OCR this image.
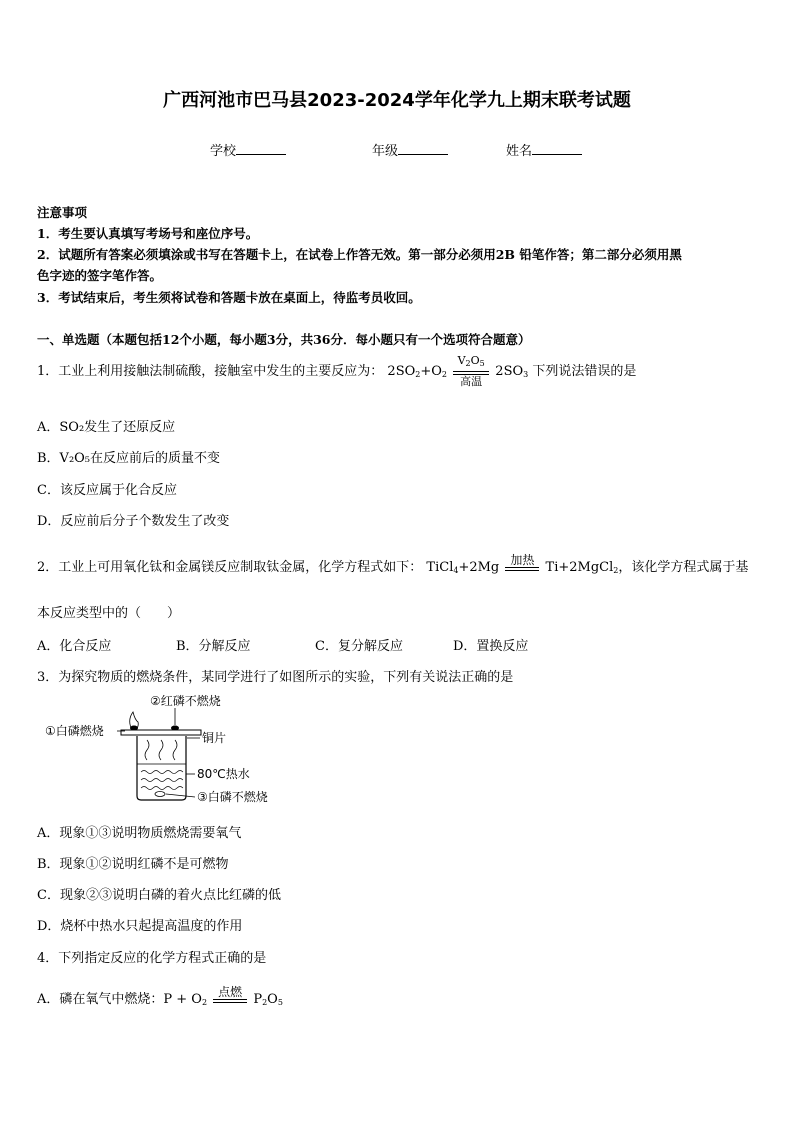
广西河池市巴马县2023-2024学年化学九上期末联考试题
学校	年级	姓名
注意事项
1．考生要认真填写考场号和座位序号。
2．试题所有答案必须填涂或书写在答题卡上，在试卷上作答无效。第一部分必须用2B 铅笔作答；第二部分必须用黑
色字迹的签字笔作答。
3．考试结束后，考生须将试卷和答题卡放在桌面上，待监考员收回。
一、单选题（本题包括12个小题，每小题3分，共36分．每小题只有一个选项符合题意）
1．工业上利用接触法制硫酸，接触室中发生的主要反应为： $2SO_2+O_2 \frac{V_2O_5}{\text{高温}} 2SO_3$ 下列说法错误的是
A．SO₂发生了还原反应
B．V₂O₅在反应前后的质量不变
C．该反应属于化合反应
D．反应前后分子个数发生了改变
2．工业上可用氧化钛和金属镁反应制取钛金属，化学方程式如下： TiCl$_4$+2Mg
加热
Ti+2MgCl$_2$，该化学方程式属于基
本反应类型中的（　　）
A．化合反应	B．分解反应	C．复分解反应	D．置换反应
3．为探究物质的燃烧条件，某同学进行了如图所示的实验，下列有关说法正确的是
②红磷不燃烧
①白磷燃烧	铜片
80℃热水
③白磷不燃烧
A．现象①③说明物质燃烧需要氧气
B．现象①②说明红磷不是可燃物
C．现象②③说明白磷的着火点比红磷的低
D．烧杯中热水只起提高温度的作用
4．下列指定反应的化学方程式正确的是
A．磷在氧气中燃烧：$P + O_2$
点燃
$P_2O_5$
